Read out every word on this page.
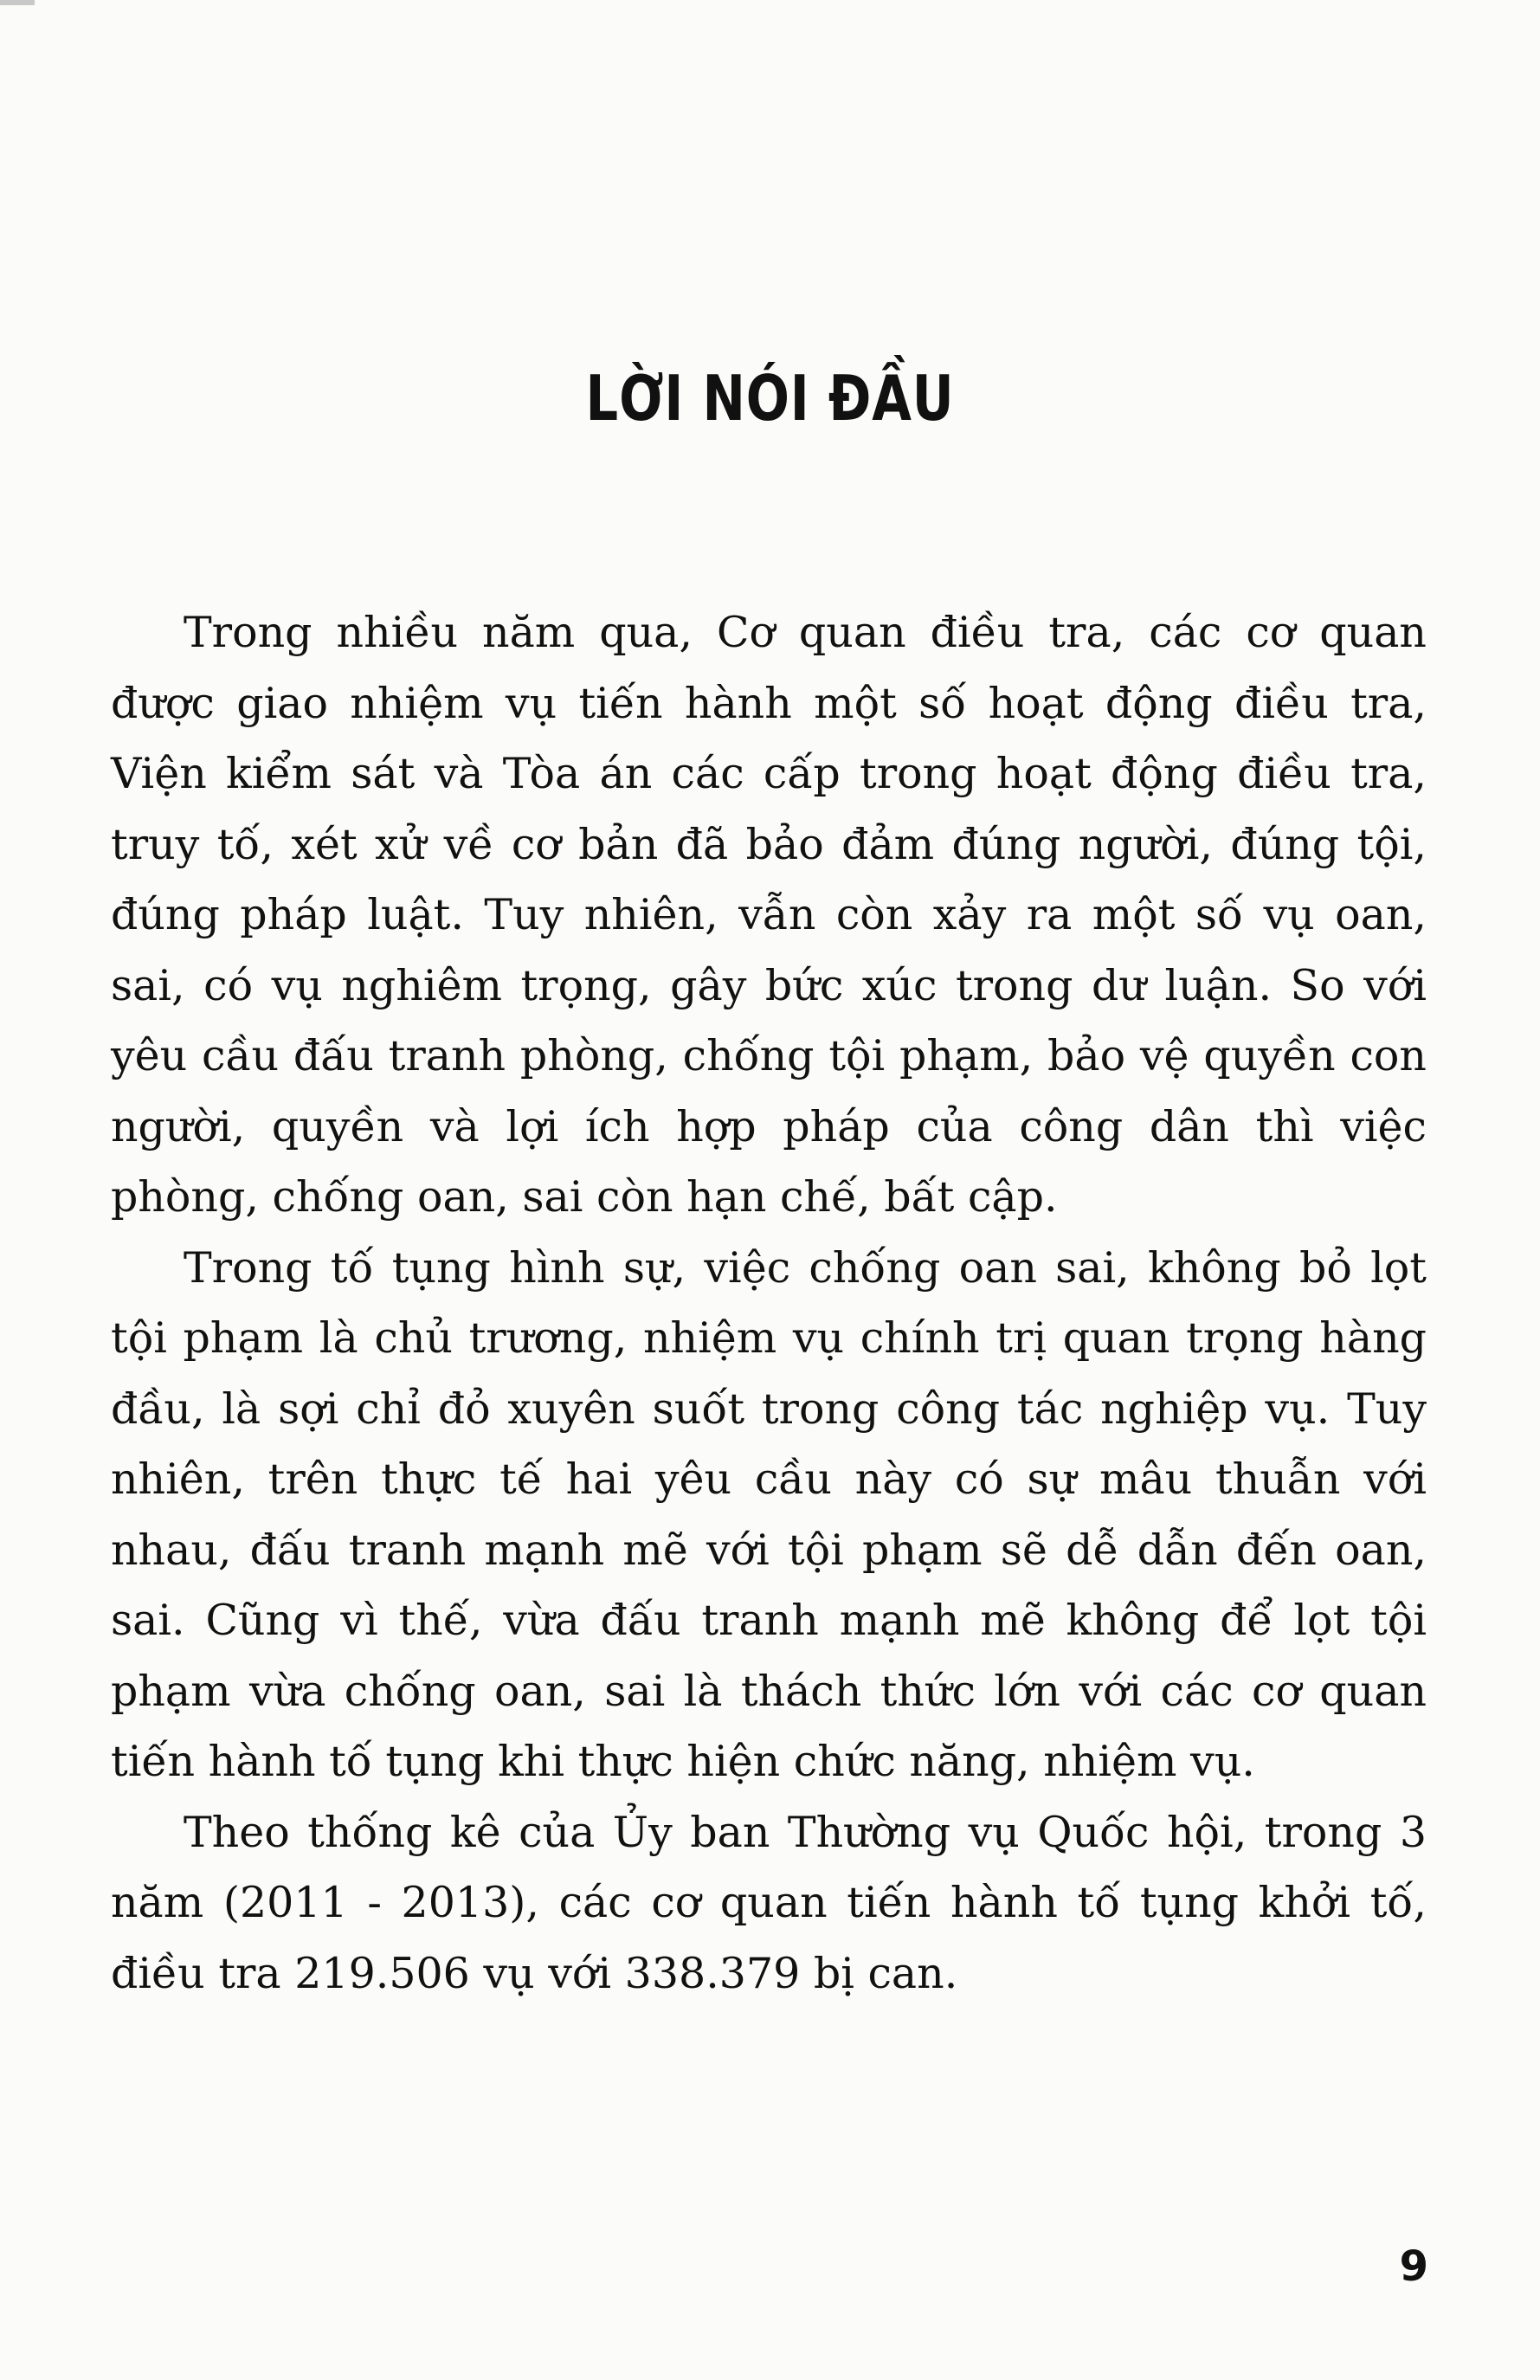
LỜI NÓI ĐẦU

Trong nhiều năm qua, Cơ quan điều tra, các cơ quan được giao nhiệm vụ tiến hành một số hoạt động điều tra, Viện kiểm sát và Tòa án các cấp trong hoạt động điều tra, truy tố, xét xử về cơ bản đã bảo đảm đúng người, đúng tội, đúng pháp luật. Tuy nhiên, vẫn còn xảy ra một số vụ oan, sai, có vụ nghiêm trọng, gây bức xúc trong dư luận. So với yêu cầu đấu tranh phòng, chống tội phạm, bảo vệ quyền con người, quyền và lợi ích hợp pháp của công dân thì việc phòng, chống oan, sai còn hạn chế, bất cập.

Trong tố tụng hình sự, việc chống oan sai, không bỏ lọt tội phạm là chủ trương, nhiệm vụ chính trị quan trọng hàng đầu, là sợi chỉ đỏ xuyên suốt trong công tác nghiệp vụ. Tuy nhiên, trên thực tế hai yêu cầu này có sự mâu thuẫn với nhau, đấu tranh mạnh mẽ với tội phạm sẽ dễ dẫn đến oan, sai. Cũng vì thế, vừa đấu tranh mạnh mẽ không để lọt tội phạm vừa chống oan, sai là thách thức lớn với các cơ quan tiến hành tố tụng khi thực hiện chức năng, nhiệm vụ.

Theo thống kê của Ủy ban Thường vụ Quốc hội, trong 3 năm (2011 - 2013), các cơ quan tiến hành tố tụng khởi tố, điều tra 219.506 vụ với 338.379 bị can.

9
